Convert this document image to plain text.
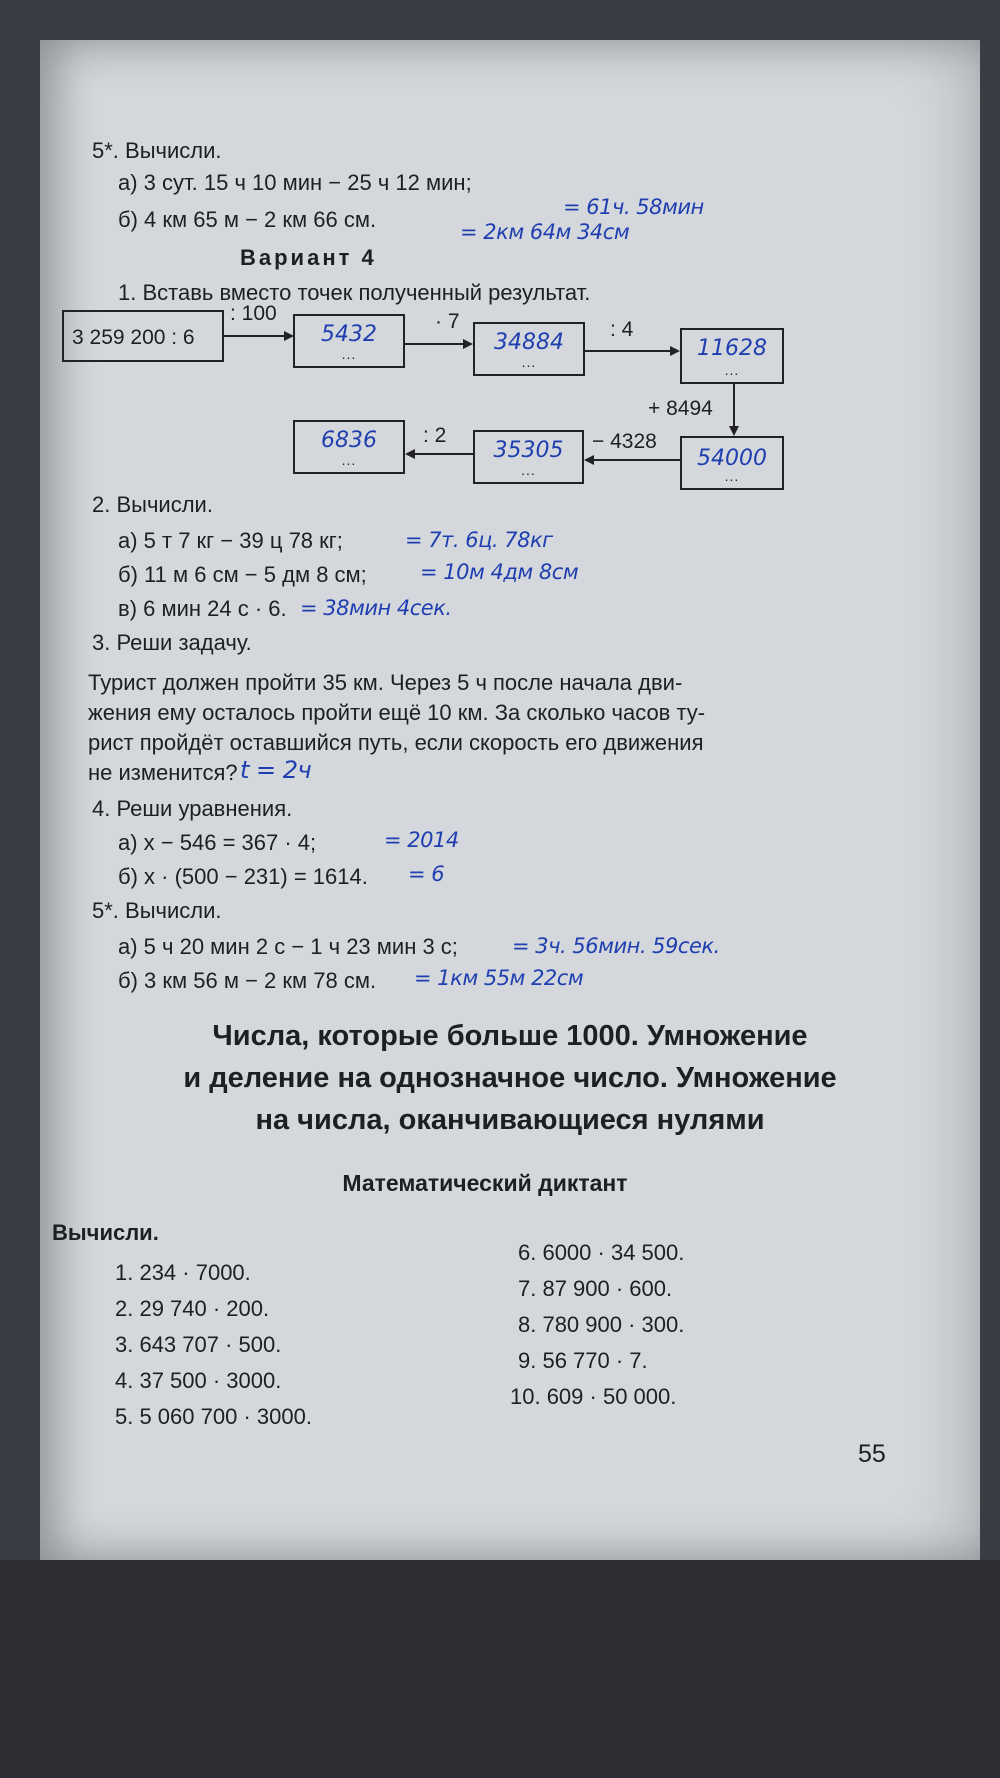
5*. Вычисли.
а) 3 сут. 15 ч 10 мин − 25 ч 12 мин;
= 61ч. 58мин
б) 4 км 65 м − 2 км 66 см.	= 2км 64м 34см
Вариант 4
1. Вставь вместо точек полученный результат.
3 259 200 : 6
: 100
5432
...
· 7
34884
...
: 4
11628
...
+ 8494
54000
...
− 4328
35305
...
: 2
6836
...
2. Вычисли.
а) 5 т 7 кг − 39 ц 78 кг;	= 7т. 6ц. 78кг
б) 11 м 6 см − 5 дм 8 см;	= 10м 4дм 8см
в) 6 мин 24 с · 6. = 38мин 4сек.
3. Реши задачу.
Турист должен пройти 35 км. Через 5 ч после начала дви-
жения ему осталось пройти ещё 10 км. За сколько часов ту-
рист пройдёт оставшийся путь, если скорость его движения
не изменится? t = 2ч
4. Реши уравнения.
а) x − 546 = 367 · 4;	= 2014
б) x · (500 − 231) = 1614. = 6
5*. Вычисли.
а) 5 ч 20 мин 2 с − 1 ч 23 мин 3 с;	= 3ч. 56мин. 59сек.
б) 3 км 56 м − 2 км 78 см. = 1км 55м 22см
Числа, которые больше 1000. Умножение
и деление на однозначное число. Умножение
на числа, оканчивающиеся нулями
Математический диктант
Вычисли.
1. 234 · 7000.
2. 29 740 · 200.
3. 643 707 · 500.
4. 37 500 · 3000.
5. 5 060 700 · 3000.
6. 6000 · 34 500.
7. 87 900 · 600.
8. 780 900 · 300.
9. 56 770 · 7.
10. 609 · 50 000.
55
